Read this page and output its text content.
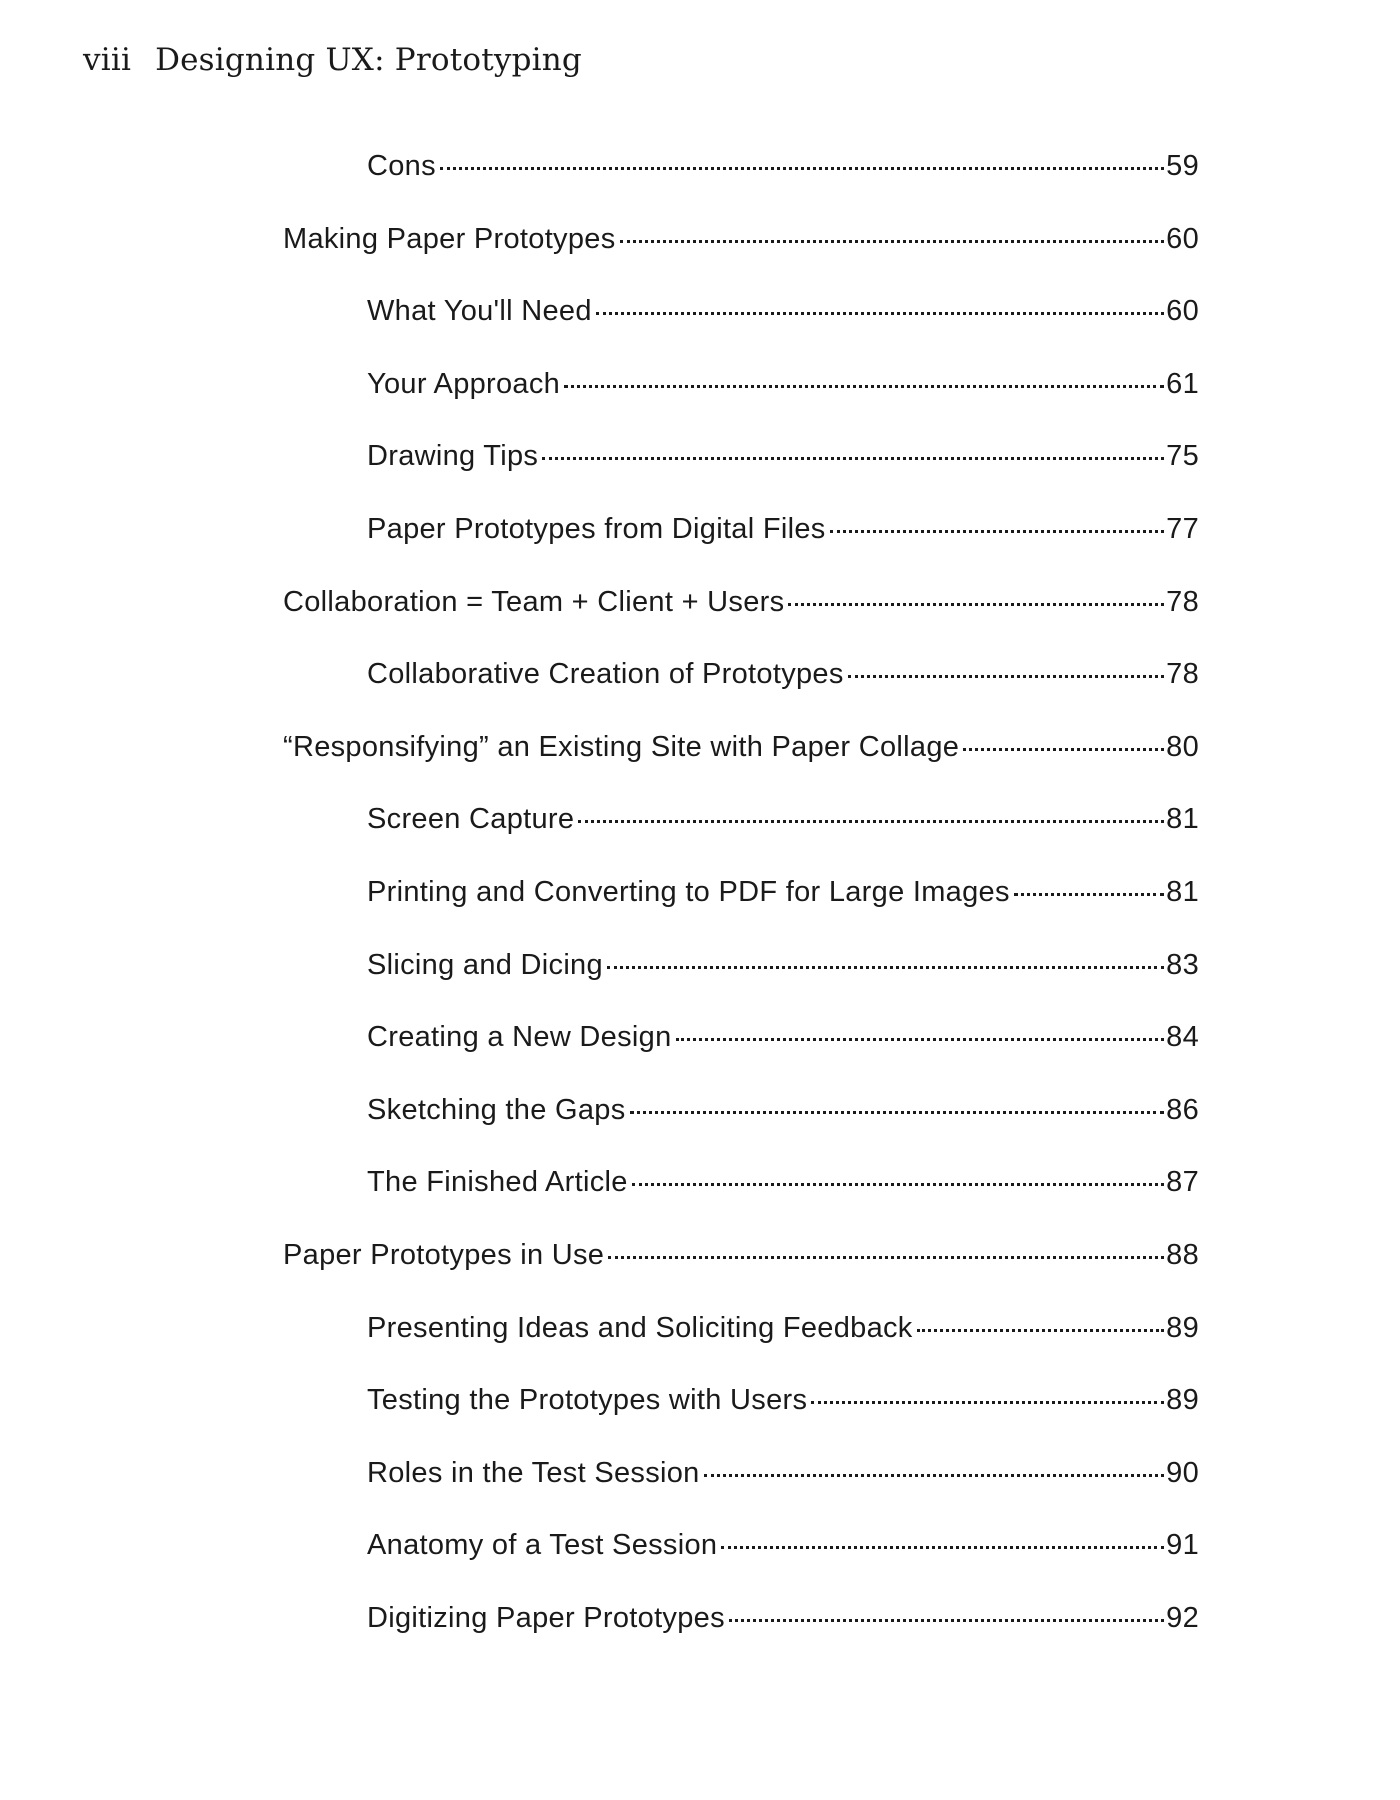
viii Designing UX: Prototyping
Cons	59
Making Paper Prototypes	60
What You'll Need	60
Your Approach	61
Drawing Tips	75
Paper Prototypes from Digital Files	77
Collaboration = Team + Client + Users	78
Collaborative Creation of Prototypes	78
“Responsifying” an Existing Site with Paper Collage	80
Screen Capture	81
Printing and Converting to PDF for Large Images	81
Slicing and Dicing	83
Creating a New Design	84
Sketching the Gaps	86
The Finished Article	87
Paper Prototypes in Use	88
Presenting Ideas and Soliciting Feedback	89
Testing the Prototypes with Users	89
Roles in the Test Session	90
Anatomy of a Test Session	91
Digitizing Paper Prototypes	92
